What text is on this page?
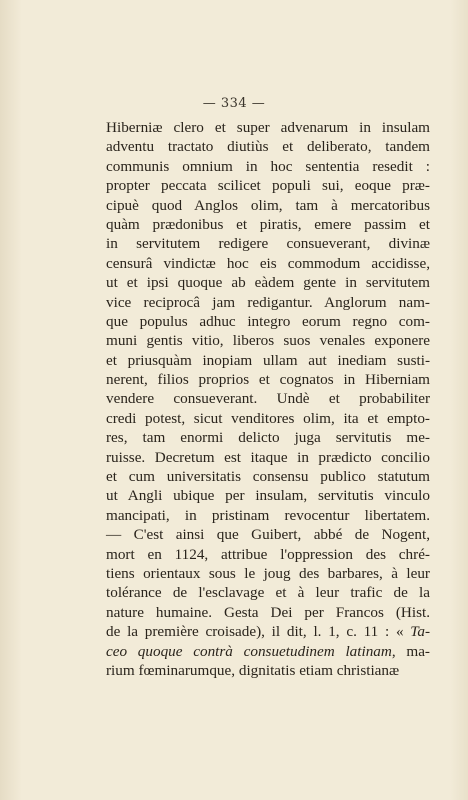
— 334 —
Hiberniæ clero et super advenarum in insulam
adventu tractato diutiùs et deliberato, tandem
communis omnium in hoc sententia resedit :
propter peccata scilicet populi sui, eoque præ-
cipuè quod Anglos olim, tam à mercatoribus
quàm prædonibus et piratis, emere passim et
in servitutem redigere consueverant, divinæ
censurâ vindictæ hoc eis commodum accidisse,
ut et ipsi quoque ab eàdem gente in servitutem
vice reciprocâ jam redigantur. Anglorum nam-
que populus adhuc integro eorum regno com-
muni gentis vitio, liberos suos venales exponere
et priusquàm inopiam ullam aut inediam susti-
nerent, filios proprios et cognatos in Hiberniam
vendere consueverant. Undè et probabiliter
credi potest, sicut venditores olim, ita et empto-
res, tam enormi delicto juga servitutis me-
ruisse. Decretum est itaque in prædicto concilio
et cum universitatis consensu publico statutum
ut Angli ubique per insulam, servitutis vinculo
mancipati, in pristinam revocentur libertatem.
— C'est ainsi que Guibert, abbé de Nogent,
mort en 1124, attribue l'oppression des chré-
tiens orientaux sous le joug des barbares, à leur
tolérance de l'esclavage et à leur trafic de la
nature humaine. Gesta Dei per Francos (Hist.
de la première croisade), il dit, l. 1, c. 11 : « Ta-
ceo quoque contrà consuetudinem latinam, ma-
rium fœminarumque, dignitatis etiam christianæ
